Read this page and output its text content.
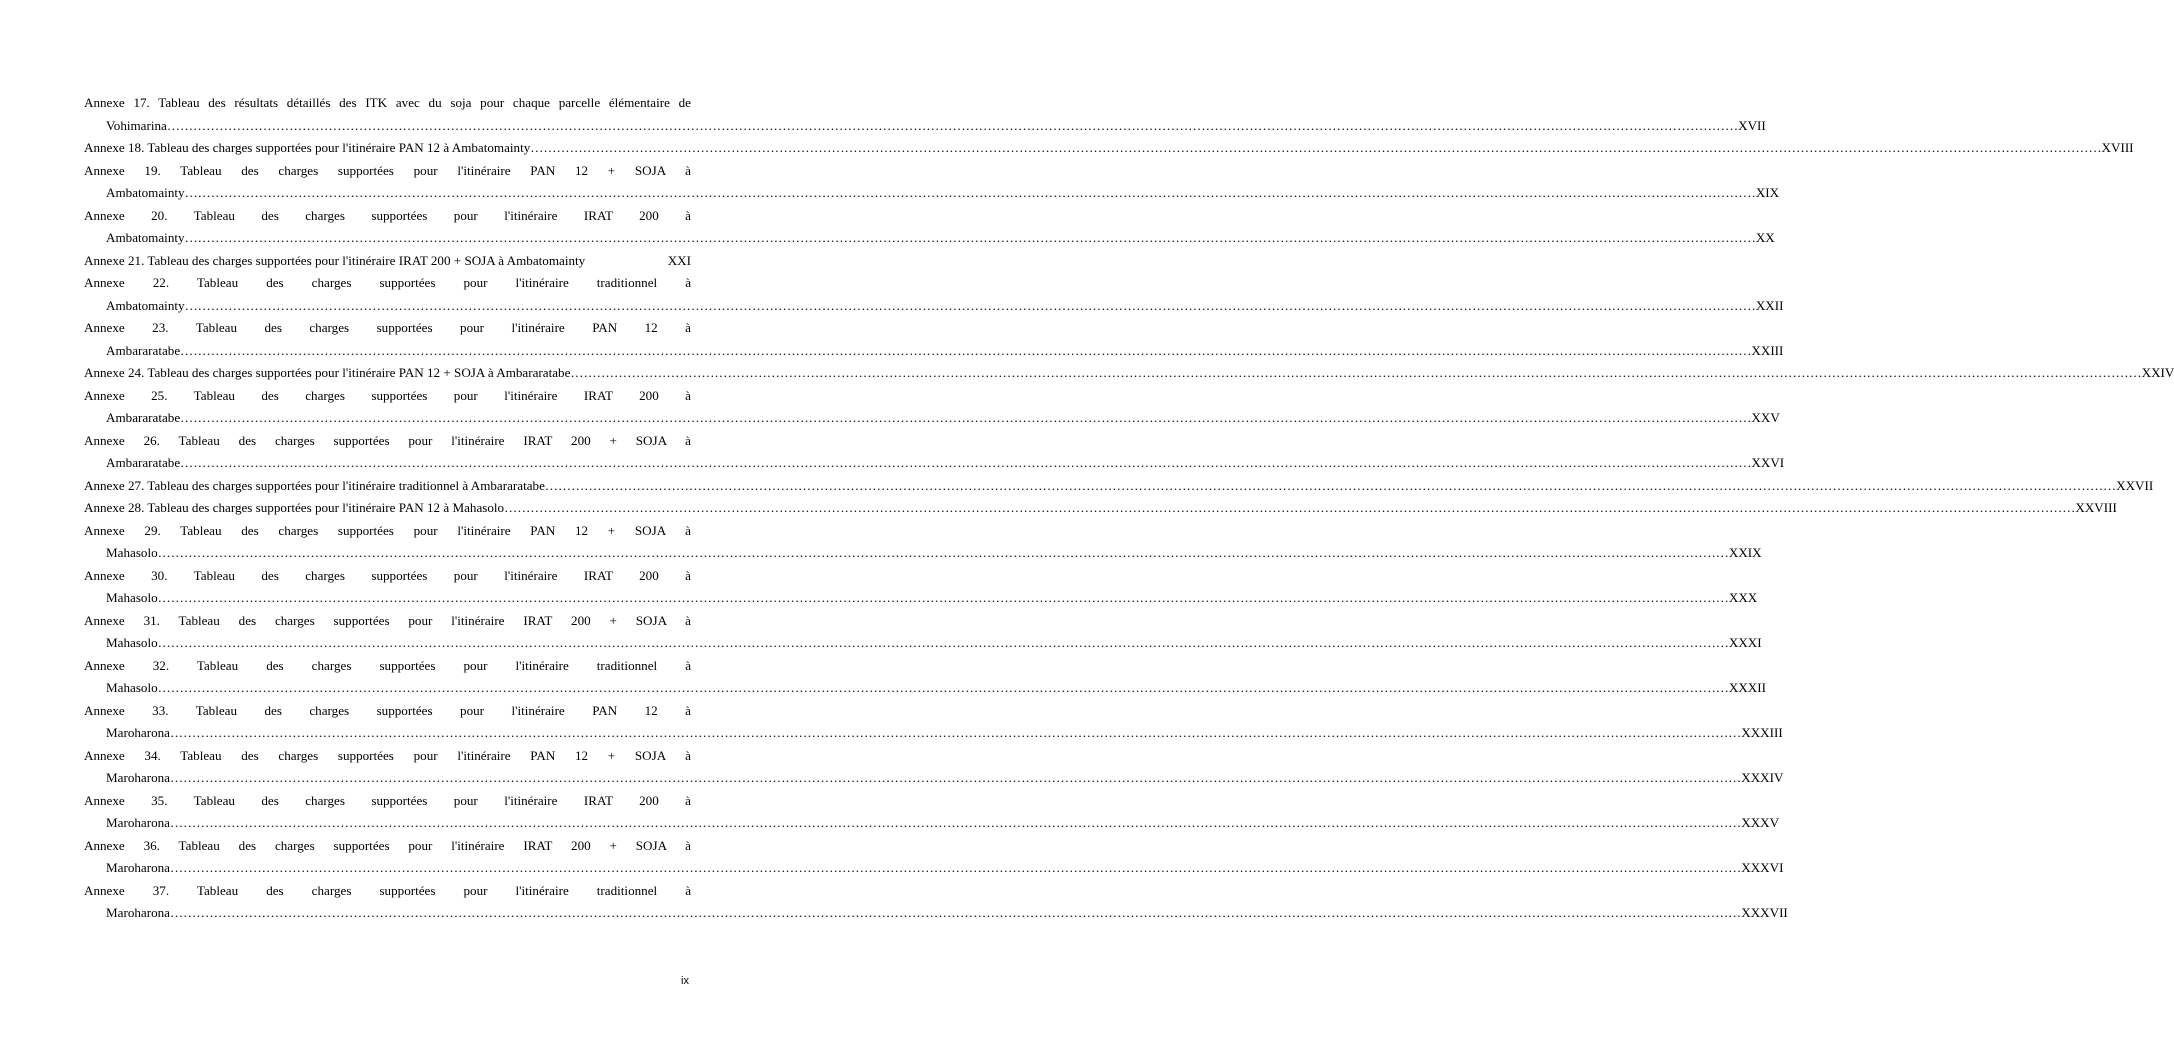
Annexe 17. Tableau des résultats détaillés des ITK avec du soja pour chaque parcelle élémentaire de
Vohimarina ……………………………………………………………………………………………………………………………………………………………………………………………………………………………………………………………………………………………………………………………… XVII
Annexe 18. Tableau des charges supportées pour l'itinéraire PAN 12 à Ambatomainty ……………………………………………………………………………………………………………………………………………………………………………………………………………………………………………………………………………………………………………………………… XVIII
Annexe 19. Tableau des charges supportées pour l'itinéraire PAN 12 + SOJA à
Ambatomainty ……………………………………………………………………………………………………………………………………………………………………………………………………………………………………………………………………………………………………………………………… XIX
Annexe 20. Tableau des charges supportées pour l'itinéraire IRAT 200 à
Ambatomainty ……………………………………………………………………………………………………………………………………………………………………………………………………………………………………………………………………………………………………………………………… XX
Annexe 21. Tableau des charges supportées pour l'itinéraire IRAT 200 + SOJA à Ambatomainty	XXI
Annexe 22. Tableau des charges supportées pour l'itinéraire traditionnel à
Ambatomainty ……………………………………………………………………………………………………………………………………………………………………………………………………………………………………………………………………………………………………………………………… XXII
Annexe 23. Tableau des charges supportées pour l'itinéraire PAN 12 à
Ambararatabe ……………………………………………………………………………………………………………………………………………………………………………………………………………………………………………………………………………………………………………………………… XXIII
Annexe 24. Tableau des charges supportées pour l'itinéraire PAN 12 + SOJA à Ambararatabe ……………………………………………………………………………………………………………………………………………………………………………………………………………………………………………………………………………………………………………………………… XXIV
Annexe 25. Tableau des charges supportées pour l'itinéraire IRAT 200 à
Ambararatabe ……………………………………………………………………………………………………………………………………………………………………………………………………………………………………………………………………………………………………………………………… XXV
Annexe 26. Tableau des charges supportées pour l'itinéraire IRAT 200 + SOJA à
Ambararatabe ……………………………………………………………………………………………………………………………………………………………………………………………………………………………………………………………………………………………………………………………… XXVI
Annexe 27. Tableau des charges supportées pour l'itinéraire traditionnel à Ambararatabe ……………………………………………………………………………………………………………………………………………………………………………………………………………………………………………………………………………………………………………………………… XXVII
Annexe 28. Tableau des charges supportées pour l'itinéraire PAN 12 à Mahasolo ……………………………………………………………………………………………………………………………………………………………………………………………………………………………………………………………………………………………………………………………… XXVIII
Annexe 29. Tableau des charges supportées pour l'itinéraire PAN 12 + SOJA à
Mahasolo ……………………………………………………………………………………………………………………………………………………………………………………………………………………………………………………………………………………………………………………………… XXIX
Annexe 30. Tableau des charges supportées pour l'itinéraire IRAT 200 à
Mahasolo ……………………………………………………………………………………………………………………………………………………………………………………………………………………………………………………………………………………………………………………………… XXX
Annexe 31. Tableau des charges supportées pour l'itinéraire IRAT 200 + SOJA à
Mahasolo ……………………………………………………………………………………………………………………………………………………………………………………………………………………………………………………………………………………………………………………………… XXXI
Annexe 32. Tableau des charges supportées pour l'itinéraire traditionnel à
Mahasolo ……………………………………………………………………………………………………………………………………………………………………………………………………………………………………………………………………………………………………………………………… XXXII
Annexe 33. Tableau des charges supportées pour l'itinéraire PAN 12 à
Maroharona ……………………………………………………………………………………………………………………………………………………………………………………………………………………………………………………………………………………………………………………………… XXXIII
Annexe 34. Tableau des charges supportées pour l'itinéraire PAN 12 + SOJA à
Maroharona ……………………………………………………………………………………………………………………………………………………………………………………………………………………………………………………………………………………………………………………………… XXXIV
Annexe 35. Tableau des charges supportées pour l'itinéraire IRAT 200 à
Maroharona ……………………………………………………………………………………………………………………………………………………………………………………………………………………………………………………………………………………………………………………………… XXXV
Annexe 36. Tableau des charges supportées pour l'itinéraire IRAT 200 + SOJA à
Maroharona ……………………………………………………………………………………………………………………………………………………………………………………………………………………………………………………………………………………………………………………………… XXXVI
Annexe 37. Tableau des charges supportées pour l'itinéraire traditionnel à
Maroharona ……………………………………………………………………………………………………………………………………………………………………………………………………………………………………………………………………………………………………………………………… XXXVII
ix
